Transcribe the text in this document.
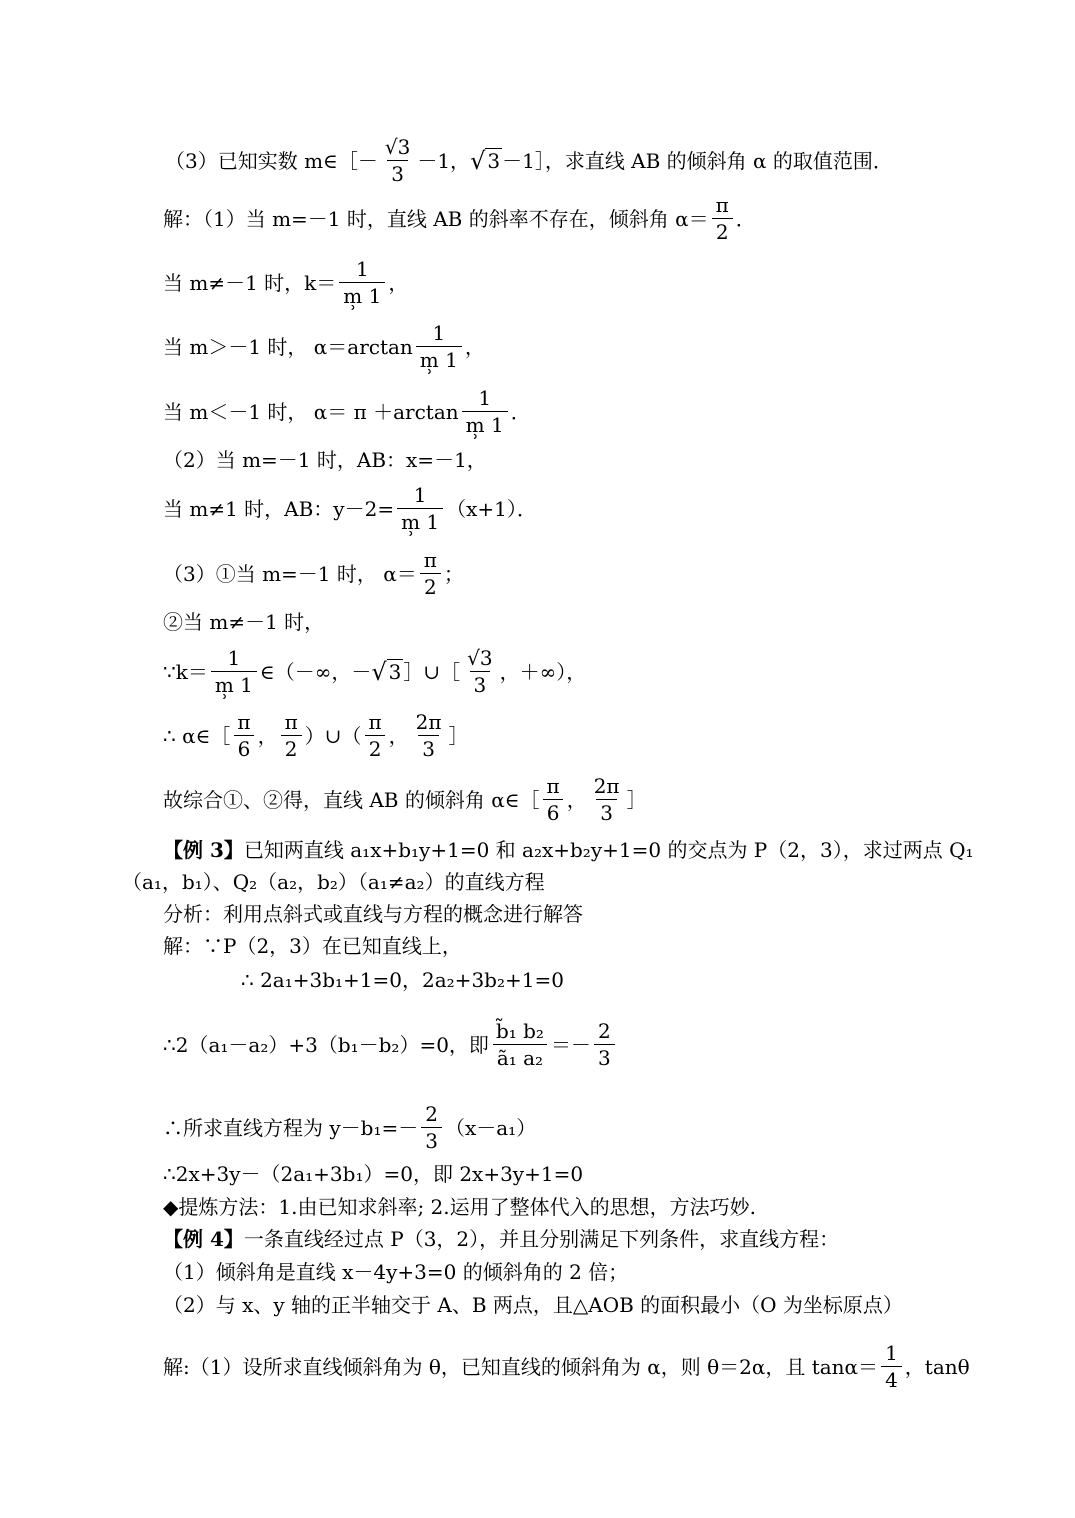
（3）已知实数 m∈［－ $\frac{√3}{3} -1$， √ 3 －1］，求直线 AB 的倾斜角 α 的取值范围．
解：（1）当 m=－1 时，直线 AB 的斜率不存在，倾斜角 $\alpha= \frac{\pi}{2}$ ．
当 m≠－1 时，$k= \frac{1}{m̹ 1}$ ，
当 m＞－1 时， $\alpha=\arctan \frac{1}{m̹ 1}$ ，
当 m＜－1 时， $\alpha= \pi +\arctan \frac{1}{m̹ 1}$ ．
（2）当 m=－1 时，AB：x=－1，
当 m≠1 时，AB：$y-2= \frac{1}{m̹ 1} (x+1)$．
（3）①当 m=－1 时， $\alpha= \frac{\pi}{2}$ ；
②当 m≠－1 时，
∵k＝ $\frac{1}{m̹ 1}$ ∈（－∞，－ √ 3 ］∪［ $\frac{√3}{3}$ ，＋∞），
∴ α∈［ $\frac{\pi}{6}$ ， $\frac{\pi}{2}$ ）∪（ $\frac{\pi}{2}$ ， $\frac{2\pi}{3}$ ］
故综合①、②得，直线 AB 的倾斜角 α∈［ $\frac{\pi}{6}$ ， $\frac{2\pi}{3}$ ］
【例 3】 已知两直线 a₁x+b₁y+1=0 和 a₂x+b₂y+1=0 的交点为 P（2，3），求过两点 Q₁
（a₁，b₁）、Q₂（a₂，b₂）（a₁≠a₂）的直线方程
分析：利用点斜式或直线与方程的概念进行解答
解：∵P（2，3）在已知直线上，
∴ 2a₁+3b₁+1=0，2a₂+3b₂+1=0
∴2（a₁－a₂）+3（b₁－b₂）=0，即 $\frac{\text{b̃₁ b₂}}{\text{ã₁ a₂}} =- \frac{2}{3}$
∴所求直线方程为 $y-b_1=- \frac{2}{3} (x-a_1)$
∴2x+3y－（2a₁+3b₁）=0，即 2x+3y+1=0
◆提炼方法：1.由已知求斜率; 2.运用了整体代入的思想，方法巧妙.
【例 4】 一条直线经过点 P（3，2），并且分别满足下列条件，求直线方程：
（1）倾斜角是直线 x－4y+3=0 的倾斜角的 2 倍；
（2）与 x、y 轴的正半轴交于 A、B 两点，且△AOB 的面积最小（O 为坐标原点）
解:（1）设所求直线倾斜角为 θ，已知直线的倾斜角为 α，则 θ＝2α，且 $\tan\alpha= \frac{1}{4}$ ，tanθ
